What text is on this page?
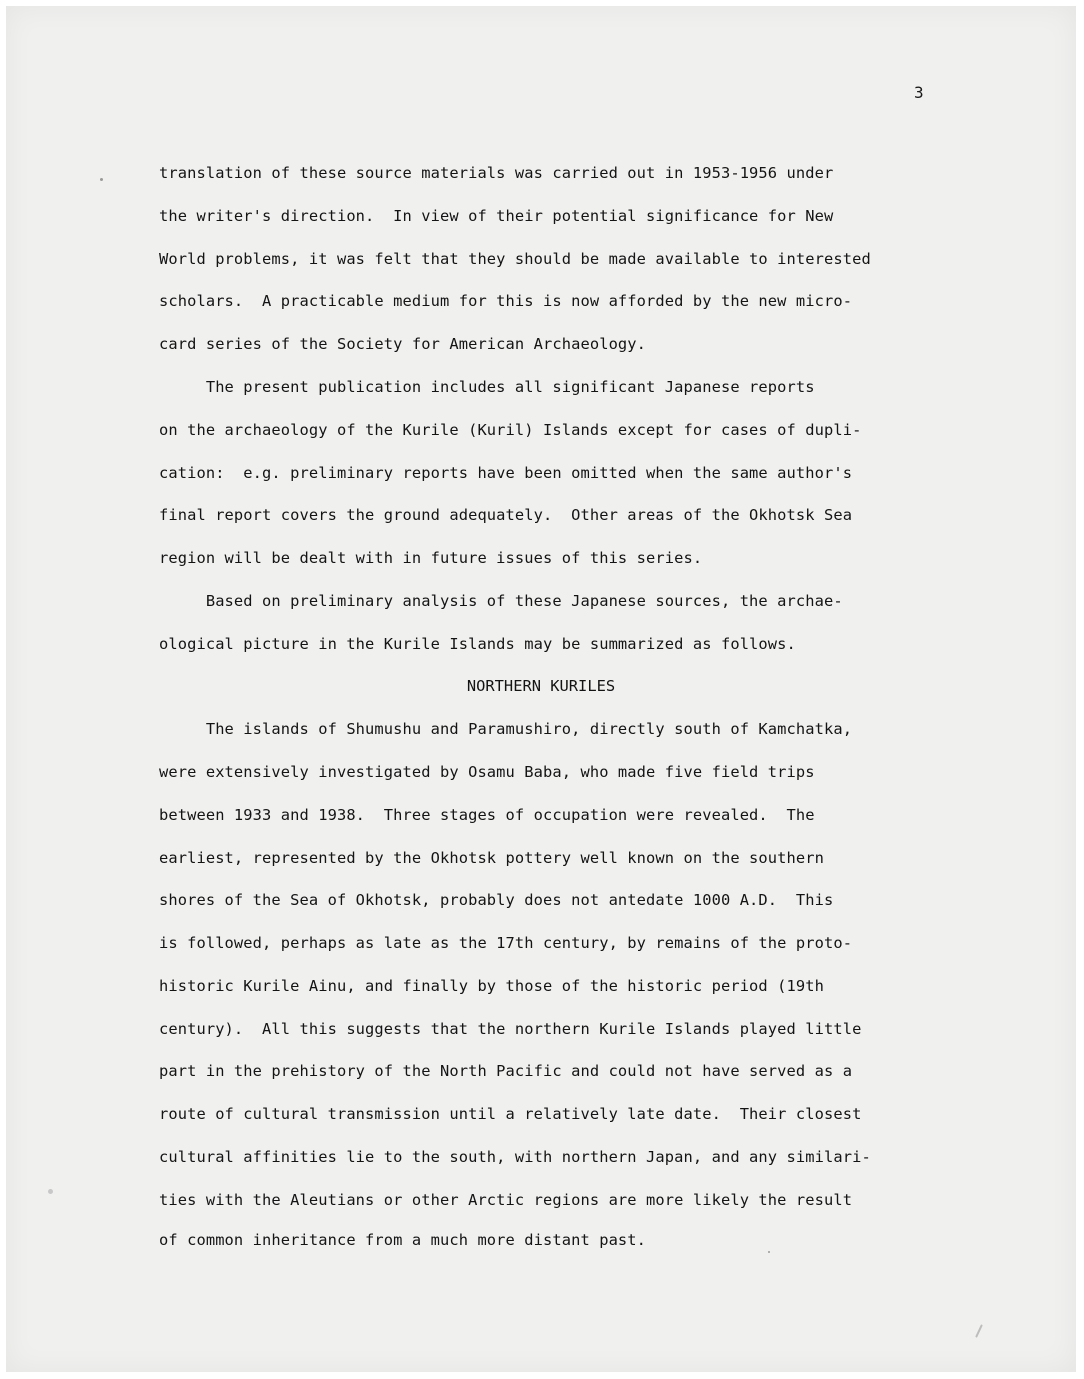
3
translation of these source materials was carried out in 1953-1956 under
the writer's direction.  In view of their potential significance for New
World problems, it was felt that they should be made available to interested
scholars.  A practicable medium for this is now afforded by the new micro-
card series of the Society for American Archaeology.
The present publication includes all significant Japanese reports
on the archaeology of the Kurile (Kuril) Islands except for cases of dupli-
cation:  e.g. preliminary reports have been omitted when the same author's
final report covers the ground adequately.  Other areas of the Okhotsk Sea
region will be dealt with in future issues of this series.
Based on preliminary analysis of these Japanese sources, the archae-
ological picture in the Kurile Islands may be summarized as follows.
NORTHERN KURILES
The islands of Shumushu and Paramushiro, directly south of Kamchatka,
were extensively investigated by Osamu Baba, who made five field trips
between 1933 and 1938.  Three stages of occupation were revealed.  The
earliest, represented by the Okhotsk pottery well known on the southern
shores of the Sea of Okhotsk, probably does not antedate 1000 A.D.  This
is followed, perhaps as late as the 17th century, by remains of the proto-
historic Kurile Ainu, and finally by those of the historic period (19th
century).  All this suggests that the northern Kurile Islands played little
part in the prehistory of the North Pacific and could not have served as a
route of cultural transmission until a relatively late date.  Their closest
cultural affinities lie to the south, with northern Japan, and any similari-
ties with the Aleutians or other Arctic regions are more likely the result
of common inheritance from a much more distant past.
